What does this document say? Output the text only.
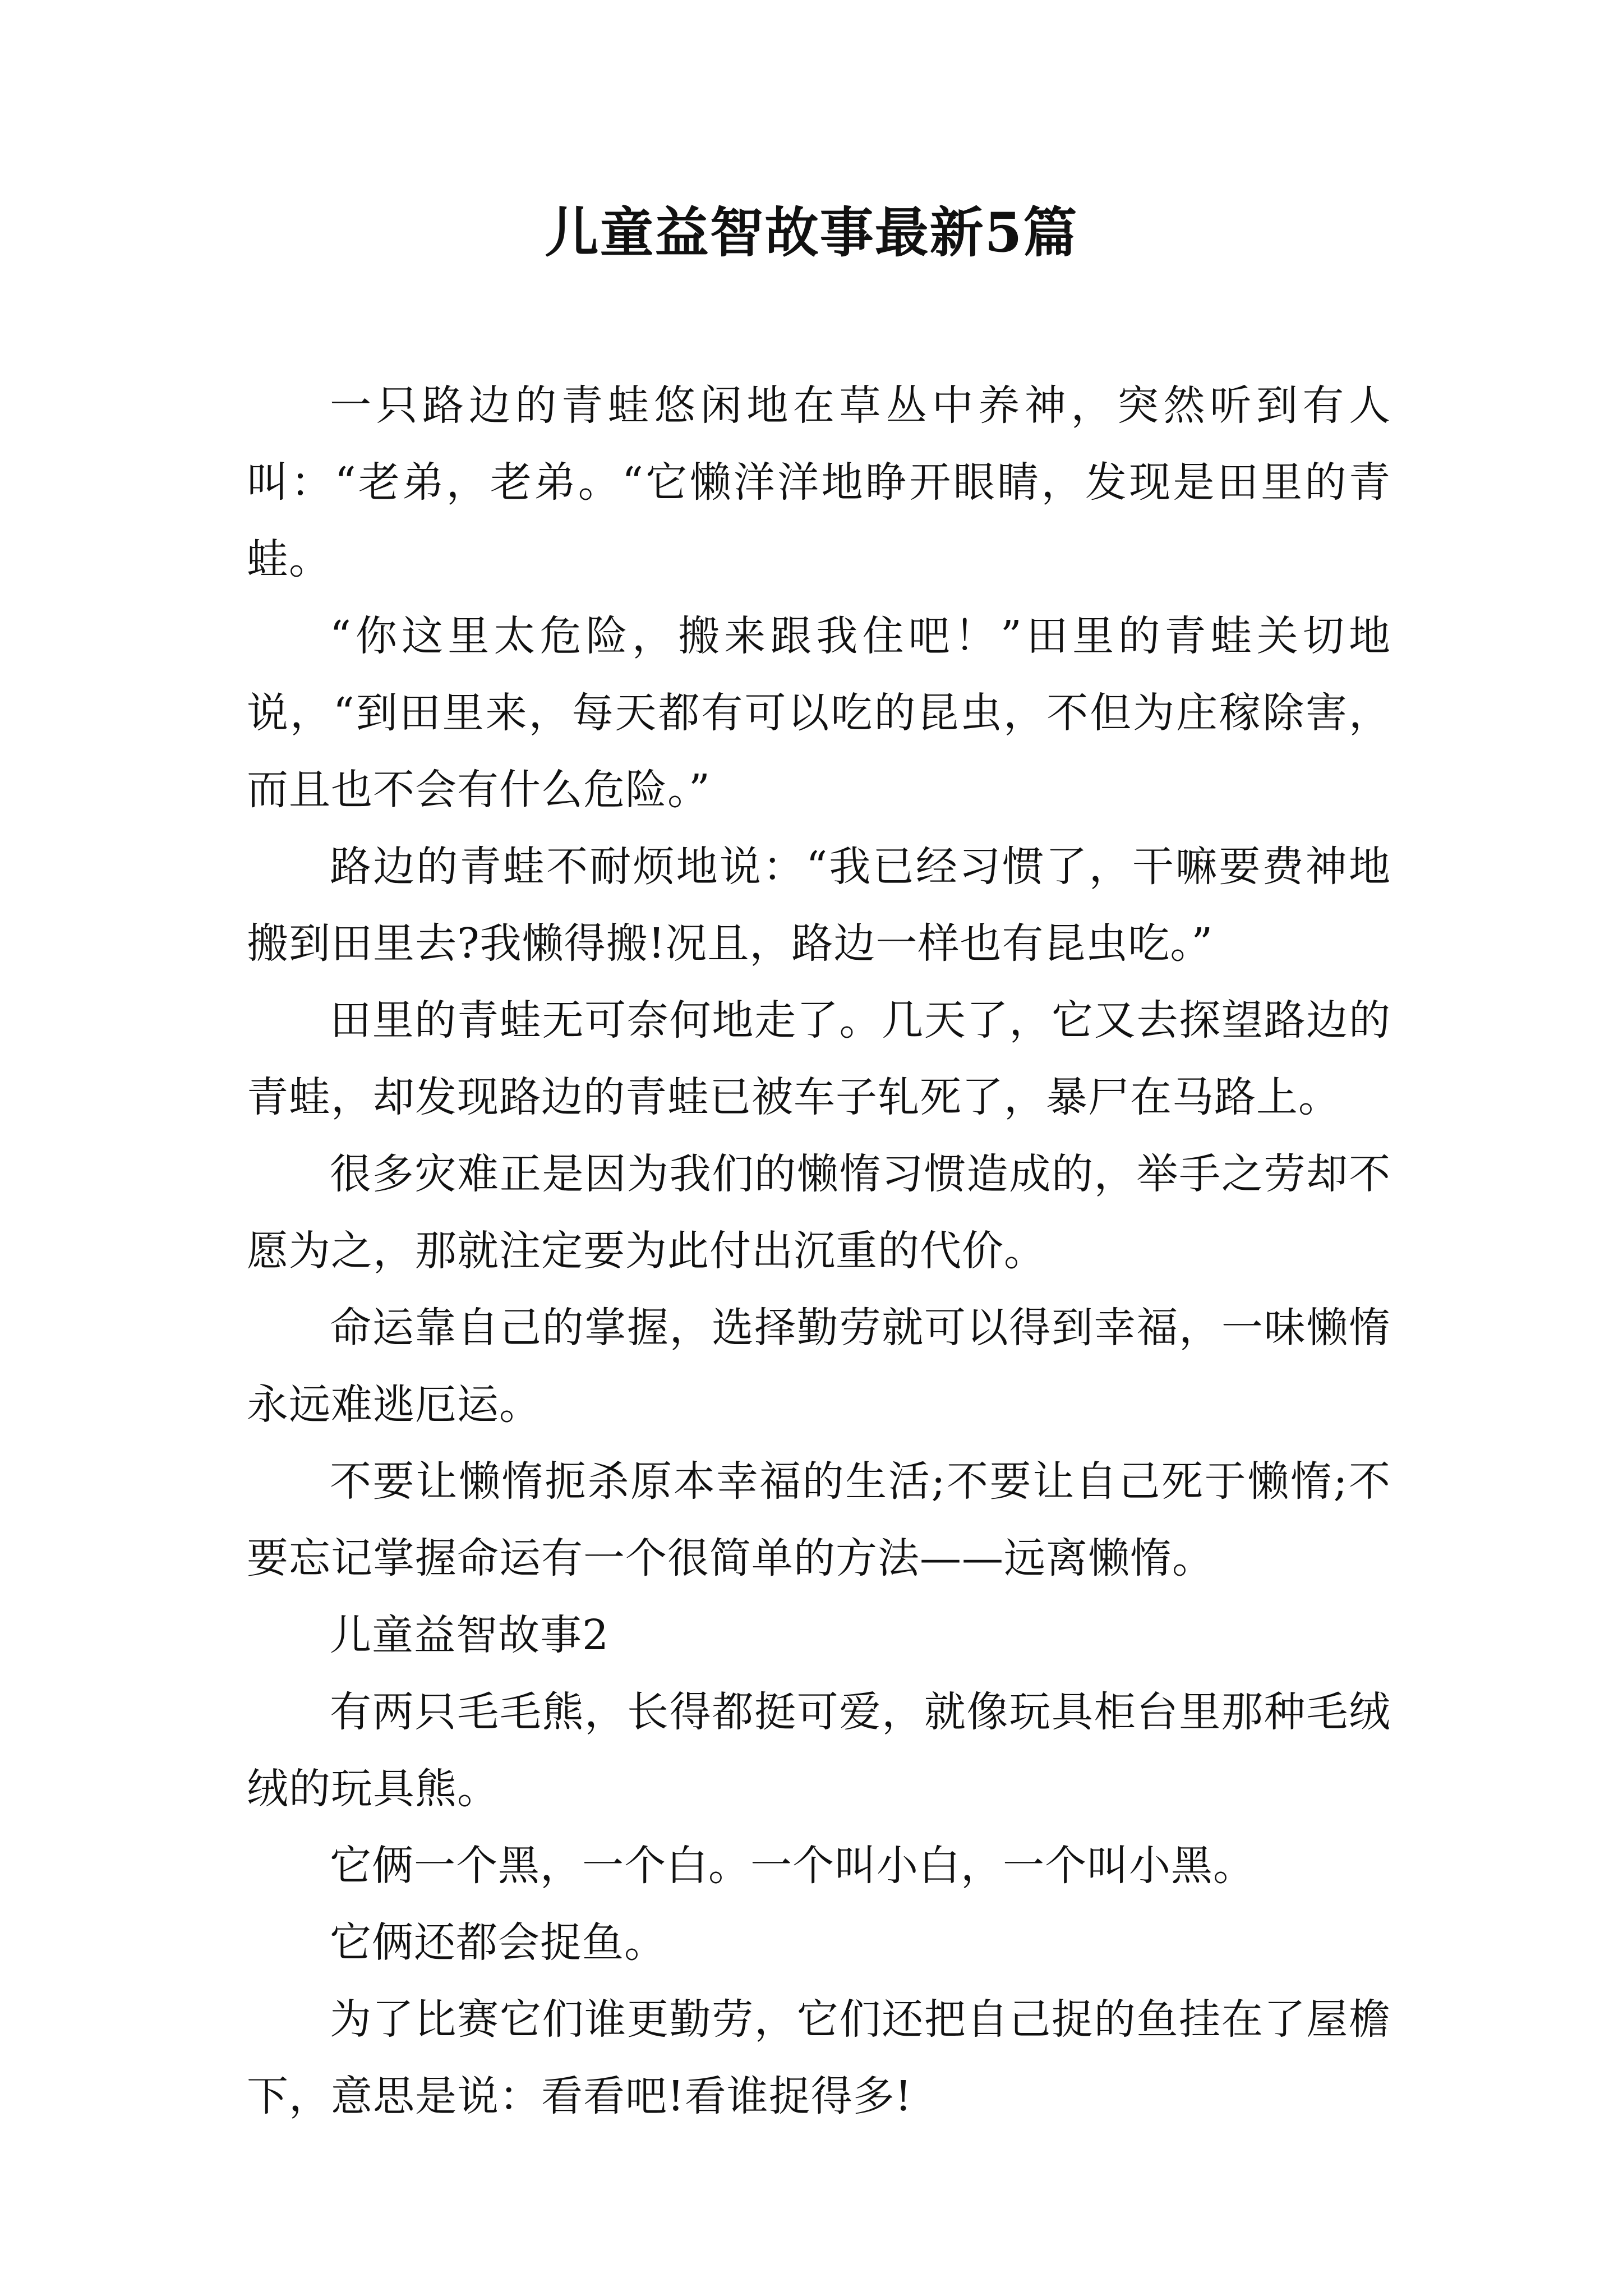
儿童益智故事最新5篇

一只路边的青蛙悠闲地在草丛中养神，突然听到有人叫：“老弟，老弟。“它懒洋洋地睁开眼睛，发现是田里的青蛙。

“你这里太危险，搬来跟我住吧！”田里的青蛙关切地说，“到田里来，每天都有可以吃的昆虫，不但为庄稼除害，而且也不会有什么危险。”

路边的青蛙不耐烦地说：“我已经习惯了，干嘛要费神地搬到田里去?我懒得搬!况且，路边一样也有昆虫吃。”

田里的青蛙无可奈何地走了。几天了，它又去探望路边的青蛙，却发现路边的青蛙已被车子轧死了，暴尸在马路上。

很多灾难正是因为我们的懒惰习惯造成的，举手之劳却不愿为之，那就注定要为此付出沉重的代价。

命运靠自己的掌握，选择勤劳就可以得到幸福，一味懒惰永远难逃厄运。

不要让懒惰扼杀原本幸福的生活;不要让自己死于懒惰;不要忘记掌握命运有一个很简单的方法——远离懒惰。

儿童益智故事2

有两只毛毛熊，长得都挺可爱，就像玩具柜台里那种毛绒绒的玩具熊。

它俩一个黑，一个白。一个叫小白，一个叫小黑。

它俩还都会捉鱼。

为了比赛它们谁更勤劳，它们还把自己捉的鱼挂在了屋檐下，意思是说：看看吧!看谁捉得多!
